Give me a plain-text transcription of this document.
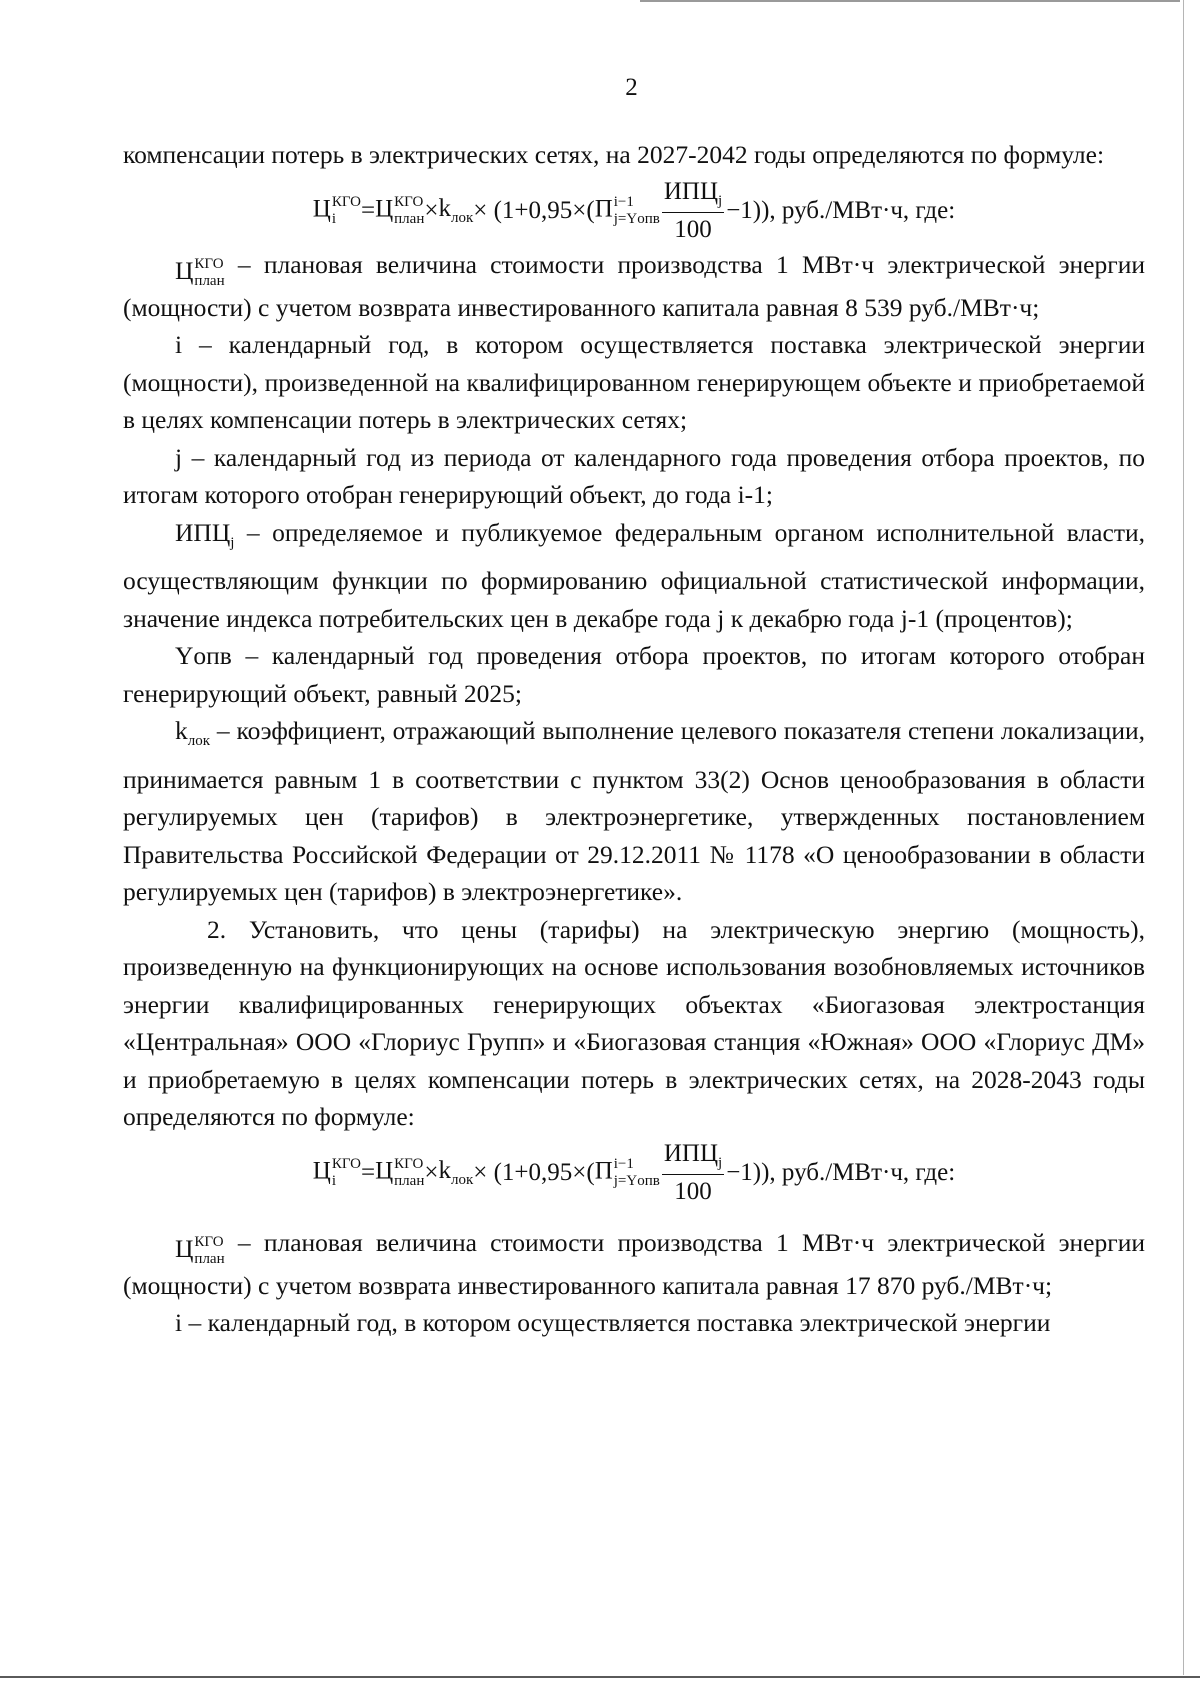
2

компенсации потерь в электрических сетях, на 2027-2042 годы определяются по формуле:

Ц КГО
i =Ц КГО
план $\times k_{лок}\times (1+0,95\times(П$ i−1
j=Yопв $\frac{ИПЦ_j}{100} -1$)), руб./МВт·ч, где:

Ц КГО
план
– плановая величина стоимости производства 1 МВт·ч электрической энергии (мощности) с учетом возврата инвестированного капитала равная 8 539 руб./МВт·ч;

i – календарный год, в котором осуществляется поставка электрической энергии (мощности), произведенной на квалифицированном генерирующем объекте и приобретаемой в целях компенсации потерь в электрических сетях;

j – календарный год из периода от календарного года проведения отбора проектов, по итогам которого отобран генерирующий объект, до года i-1;

$ИПЦ_j$ – определяемое и публикуемое федеральным органом исполнительной власти, осуществляющим функции по формированию официальной статистической информации, значение индекса потребительских цен в декабре года j к декабрю года j-1 (процентов);

Yопв – календарный год проведения отбора проектов, по итогам которого отобран генерирующий объект, равный 2025;

$k_{лок}$ – коэффициент, отражающий выполнение целевого показателя степени локализации, принимается равным 1 в соответствии с пунктом 33(2) Основ ценообразования в области регулируемых цен (тарифов) в электроэнергетике, утвержденных постановлением Правительства Российской Федерации от 29.12.2011 № 1178 «О ценообразовании в области регулируемых цен (тарифов) в электроэнергетике».

2. Установить, что цены (тарифы) на электрическую энергию (мощность), произведенную на функционирующих на основе использования возобновляемых источников энергии квалифицированных генерирующих объектах «Биогазовая электростанция «Центральная» ООО «Глориус Групп» и «Биогазовая станция «Южная» ООО «Глориус ДМ» и приобретаемую в целях компенсации потерь в электрических сетях, на 2028-2043 годы определяются по формуле:

Ц КГО
i =Ц КГО
план $\times k_{лок}\times (1+0,95\times(П$ i−1
j=Yопв $\frac{ИПЦ_j}{100} -1$)), руб./МВт·ч, где:

Ц КГО
план
– плановая величина стоимости производства 1 МВт·ч электрической энергии (мощности) с учетом возврата инвестированного капитала равная 17 870 руб./МВт·ч;

i – календарный год, в котором осуществляется поставка электрической энергии
